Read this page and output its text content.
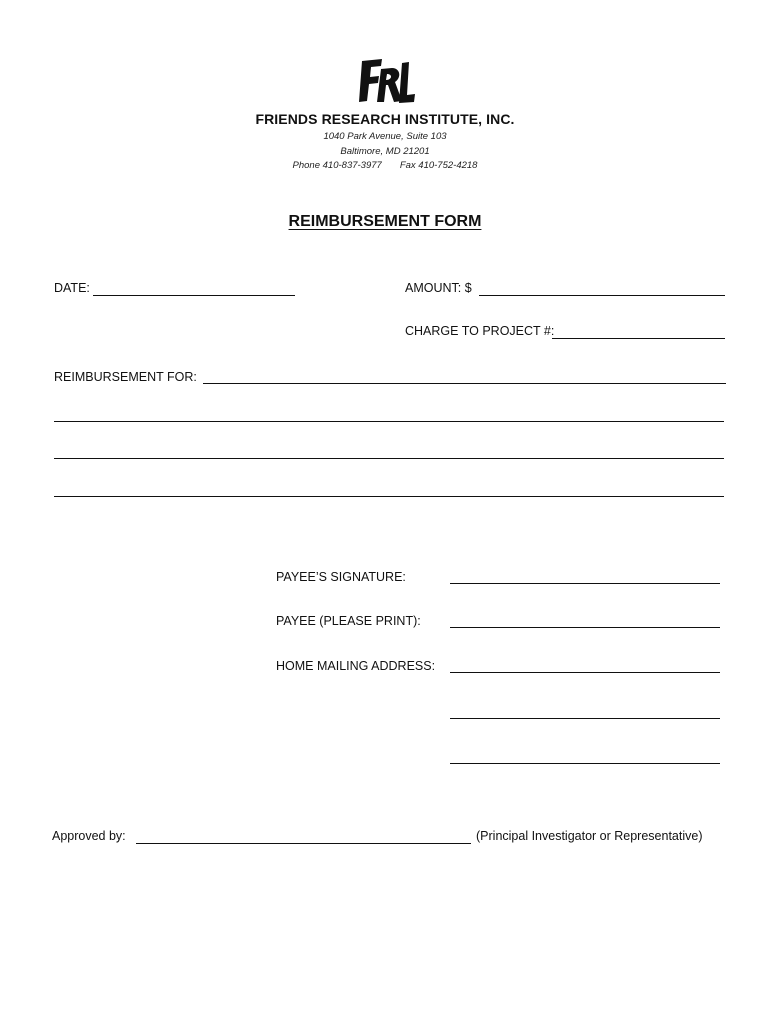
FRIENDS RESEARCH INSTITUTE, INC.
1040 Park Avenue, Suite 103
Baltimore, MD 21201
Phone 410-837-3977 Fax 410-752-4218
REIMBURSEMENT FORM
DATE:	AMOUNT: $
CHARGE TO PROJECT #:
REIMBURSEMENT FOR:
PAYEE’S SIGNATURE:
PAYEE (PLEASE PRINT):
HOME MAILING ADDRESS:
Approved by:	(Principal Investigator or Representative)
